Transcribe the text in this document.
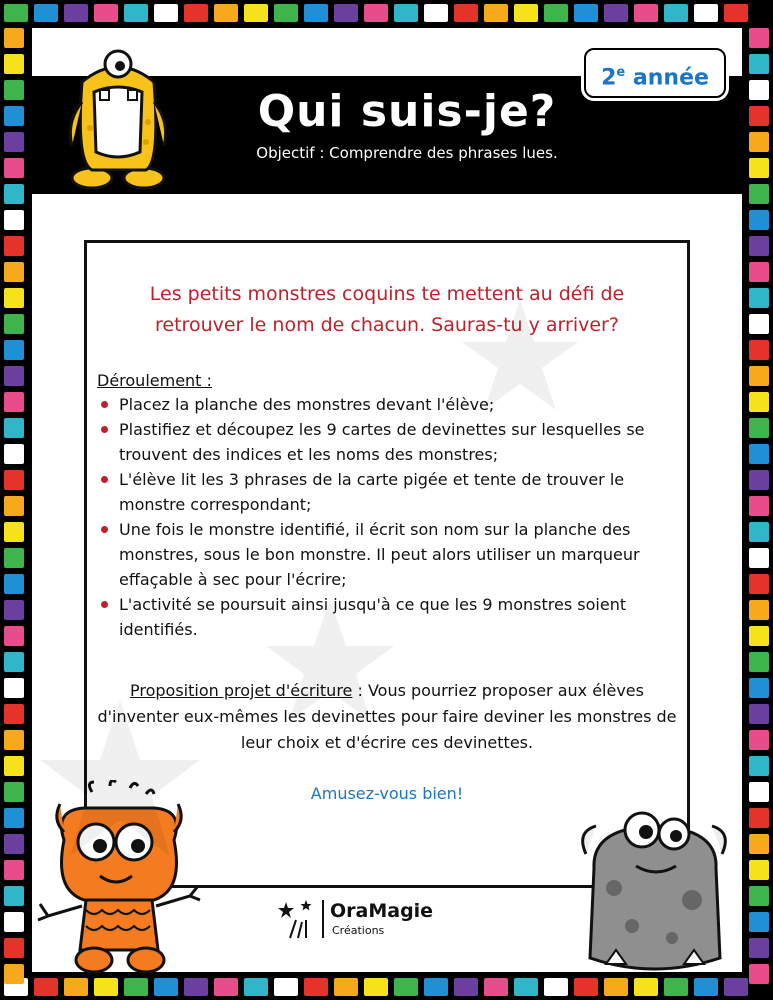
Qui suis-je?
Objectif : Comprendre des phrases lues.
2e année

Les petits monstres coquins te mettent au défi de retrouver le nom de chacun. Sauras-tu y arriver?

Déroulement :

Placez la planche des monstres devant l'élève;
Plastifiez et découpez les 9 cartes de devinettes sur lesquelles se trouvent des indices et les noms des monstres;
L'élève lit les 3 phrases de la carte pigée et tente de trouver le monstre correspondant;
Une fois le monstre identifié, il écrit son nom sur la planche des monstres, sous le bon monstre. Il peut alors utiliser un marqueur effaçable à sec pour l'écrire;
L'activité se poursuit ainsi jusqu'à ce que les 9 monstres soient identifiés.

Proposition projet d'écriture : Vous pourriez proposer aux élèves d'inventer eux-mêmes les devinettes pour faire deviner les monstres de leur choix et d'écrire ces devinettes.

Amusez-vous bien!

OraMagie
Créations
